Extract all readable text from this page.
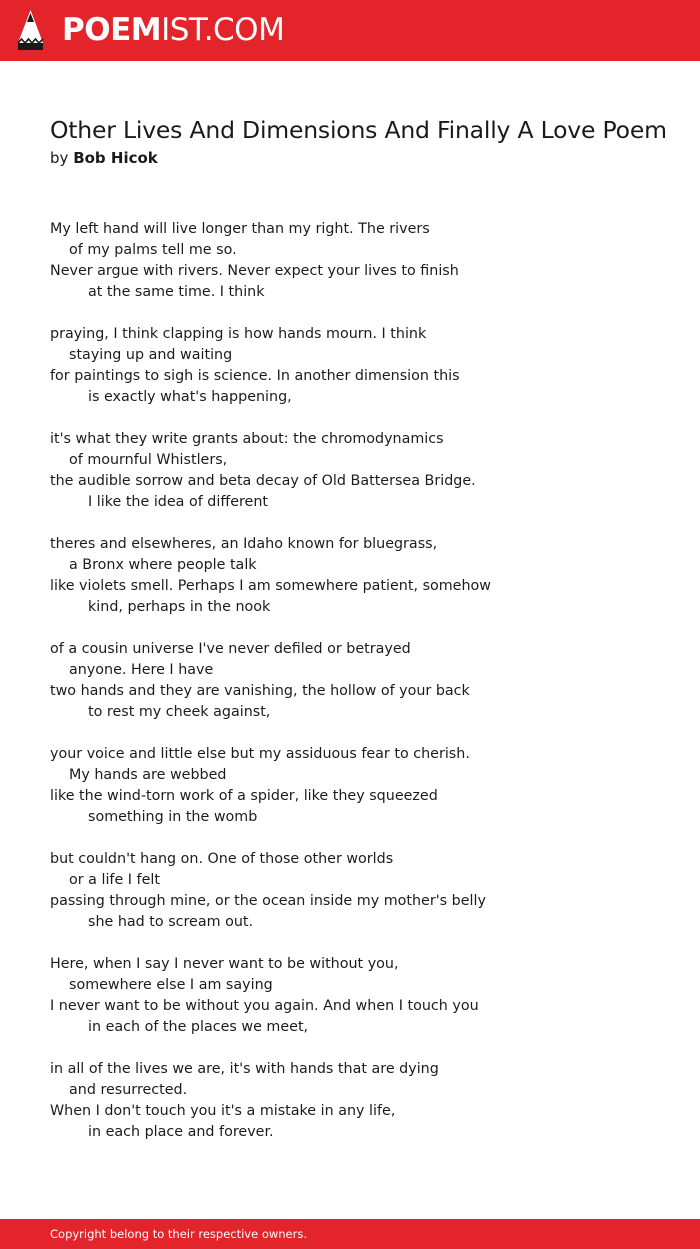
POEMIST.COM
Other Lives And Dimensions And Finally A Love Poem
by Bob Hicok
My left hand will live longer than my right. The rivers
of my palms tell me so.
Never argue with rivers. Never expect your lives to finish
at the same time. I think
praying, I think clapping is how hands mourn. I think
staying up and waiting
for paintings to sigh is science. In another dimension this
is exactly what's happening,
it's what they write grants about: the chromodynamics
of mournful Whistlers,
the audible sorrow and beta decay of Old Battersea Bridge.
I like the idea of different
theres and elsewheres, an Idaho known for bluegrass,
a Bronx where people talk
like violets smell. Perhaps I am somewhere patient, somehow
kind, perhaps in the nook
of a cousin universe I've never defiled or betrayed
anyone. Here I have
two hands and they are vanishing, the hollow of your back
to rest my cheek against,
your voice and little else but my assiduous fear to cherish.
My hands are webbed
like the wind-torn work of a spider, like they squeezed
something in the womb
but couldn't hang on. One of those other worlds
or a life I felt
passing through mine, or the ocean inside my mother's belly
she had to scream out.
Here, when I say I never want to be without you,
somewhere else I am saying
I never want to be without you again. And when I touch you
in each of the places we meet,
in all of the lives we are, it's with hands that are dying
and resurrected.
When I don't touch you it's a mistake in any life,
in each place and forever.
Copyright belong to their respective owners.
